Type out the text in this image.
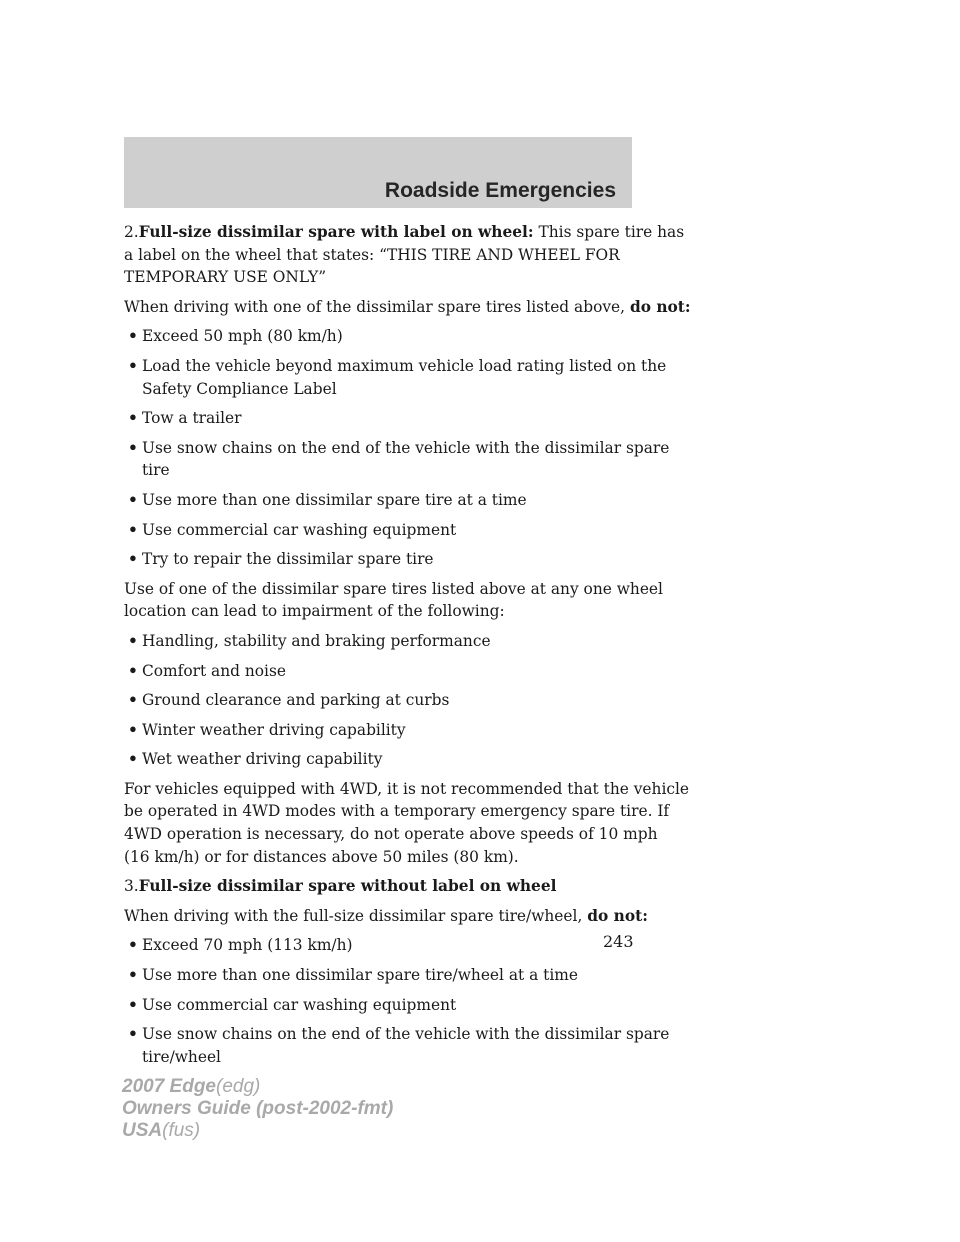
Roadside Emergencies

2.Full-size dissimilar spare with label on wheel: This spare tire has
a label on the wheel that states: “THIS TIRE AND WHEEL FOR
TEMPORARY USE ONLY”

When driving with one of the dissimilar spare tires listed above, do not:

• Exceed 50 mph (80 km/h)

• Load the vehicle beyond maximum vehicle load rating listed on the
Safety Compliance Label

• Tow a trailer

• Use snow chains on the end of the vehicle with the dissimilar spare
tire

• Use more than one dissimilar spare tire at a time

• Use commercial car washing equipment

• Try to repair the dissimilar spare tire

Use of one of the dissimilar spare tires listed above at any one wheel
location can lead to impairment of the following:

• Handling, stability and braking performance

• Comfort and noise

• Ground clearance and parking at curbs

• Winter weather driving capability

• Wet weather driving capability

For vehicles equipped with 4WD, it is not recommended that the vehicle
be operated in 4WD modes with a temporary emergency spare tire. If
4WD operation is necessary, do not operate above speeds of 10 mph
(16 km/h) or for distances above 50 miles (80 km).

3.Full-size dissimilar spare without label on wheel

When driving with the full-size dissimilar spare tire/wheel, do not:

• Exceed 70 mph (113 km/h)

• Use more than one dissimilar spare tire/wheel at a time

• Use commercial car washing equipment

• Use snow chains on the end of the vehicle with the dissimilar spare
tire/wheel

243
2007 Edge(edg)
Owners Guide (post-2002-fmt)
USA(fus)
